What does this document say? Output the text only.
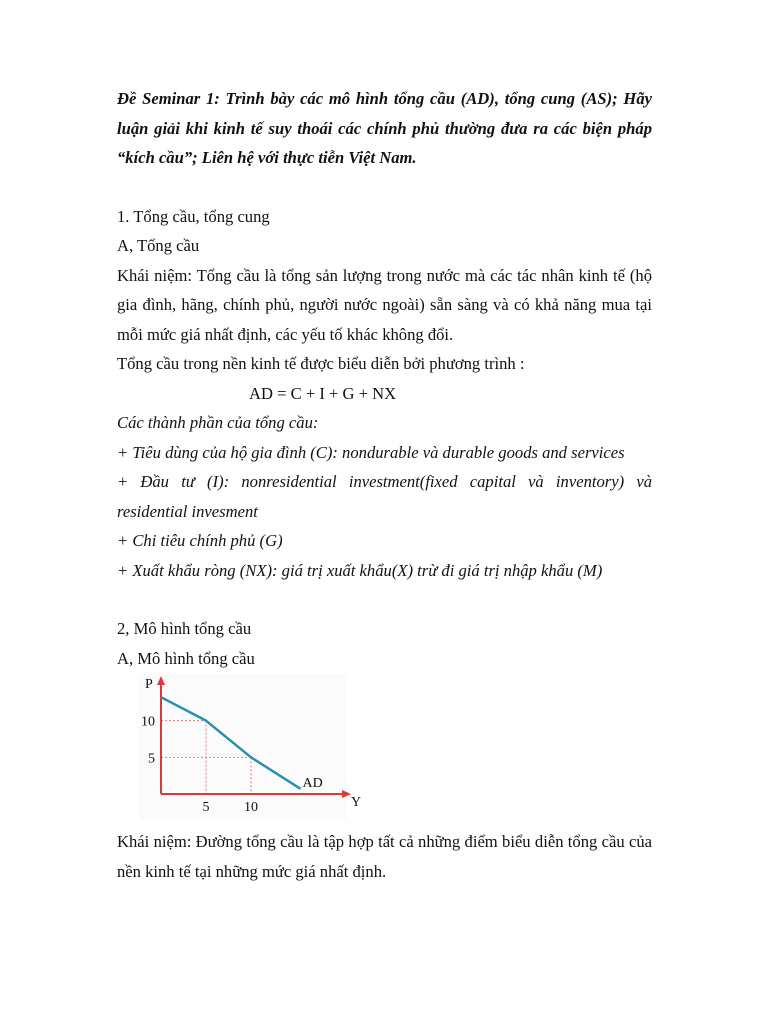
Đề Seminar 1: Trình bày các mô hình tổng cầu (AD), tổng cung (AS); Hãy luận giải khi kinh tế suy thoái các chính phủ thường đưa ra các biện pháp “kích cầu”; Liên hệ với thực tiễn Việt Nam.

1. Tổng cầu, tổng cung

A, Tổng cầu

Khái niệm: Tổng cầu là tổng sản lượng trong nước mà các tác nhân kinh tế (hộ gia đình, hãng, chính phủ, người nước ngoài) sẵn sàng và có khả năng mua tại mỗi mức giá nhất định, các yếu tố khác không đổi.

Tổng cầu trong nền kinh tế được biểu diễn bởi phương trình :

AD = C + I + G + NX

Các thành phần của tổng cầu:

+ Tiêu dùng của hộ gia đình (C): nondurable và durable goods and services

+ Đầu tư (I): nonresidential investment(fixed capital và inventory) và residential invesment

+ Chi tiêu chính phủ (G)

+ Xuất khẩu ròng (NX): giá trị xuất khẩu(X) trừ đi giá trị nhập khẩu (M)

2, Mô hình tổng cầu

A, Mô hình tổng cầu

P
Y
5
10
10
5
AD

Khái niệm: Đường tổng cầu là tập hợp tất cả những điểm biểu diễn tổng cầu của nền kinh tế tại những mức giá nhất định.
